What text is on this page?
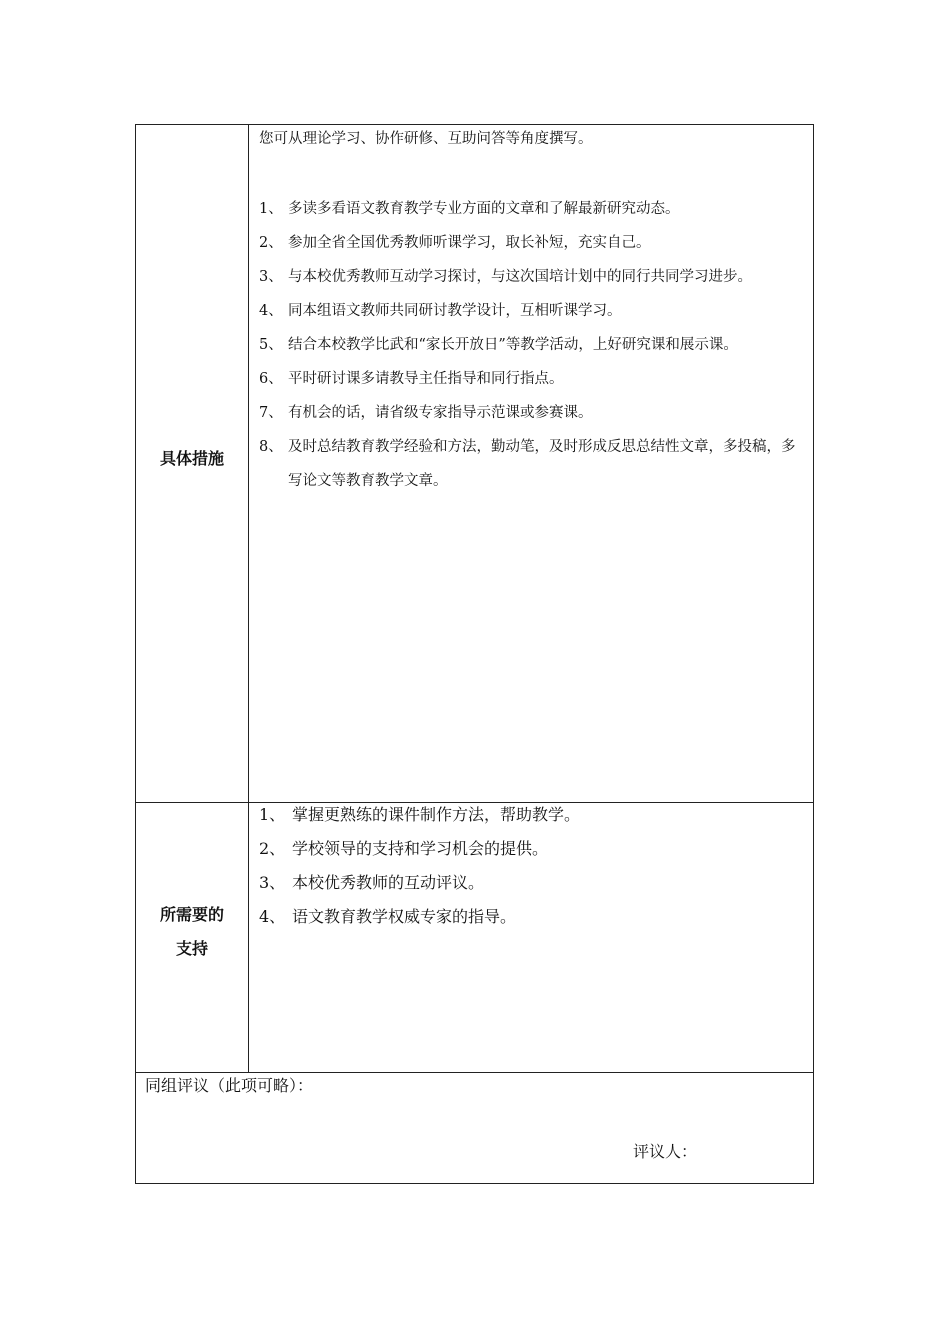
具体措施
您可从理论学习、协作研修、互助问答等角度撰写。
1、 多读多看语文教育教学专业方面的文章和了解最新研究动态。
2、 参加全省全国优秀教师听课学习，取长补短，充实自己。
3、 与本校优秀教师互动学习探讨，与这次国培计划中的同行共同学习进步。
4、 同本组语文教师共同研讨教学设计，互相听课学习。
5、 结合本校教学比武和“家长开放日”等教学活动，上好研究课和展示课。
6、 平时研讨课多请教导主任指导和同行指点。
7、 有机会的话，请省级专家指导示范课或参赛课。
8、 及时总结教育教学经验和方法，勤动笔，及时形成反思总结性文章，多投稿，多写论文等教育教学文章。
所需要的
支持
1、 掌握更熟练的课件制作方法，帮助教学。
2、 学校领导的支持和学习机会的提供。
3、 本校优秀教师的互动评议。
4、 语文教育教学权威专家的指导。
同组评议（此项可略）：
评议人：
